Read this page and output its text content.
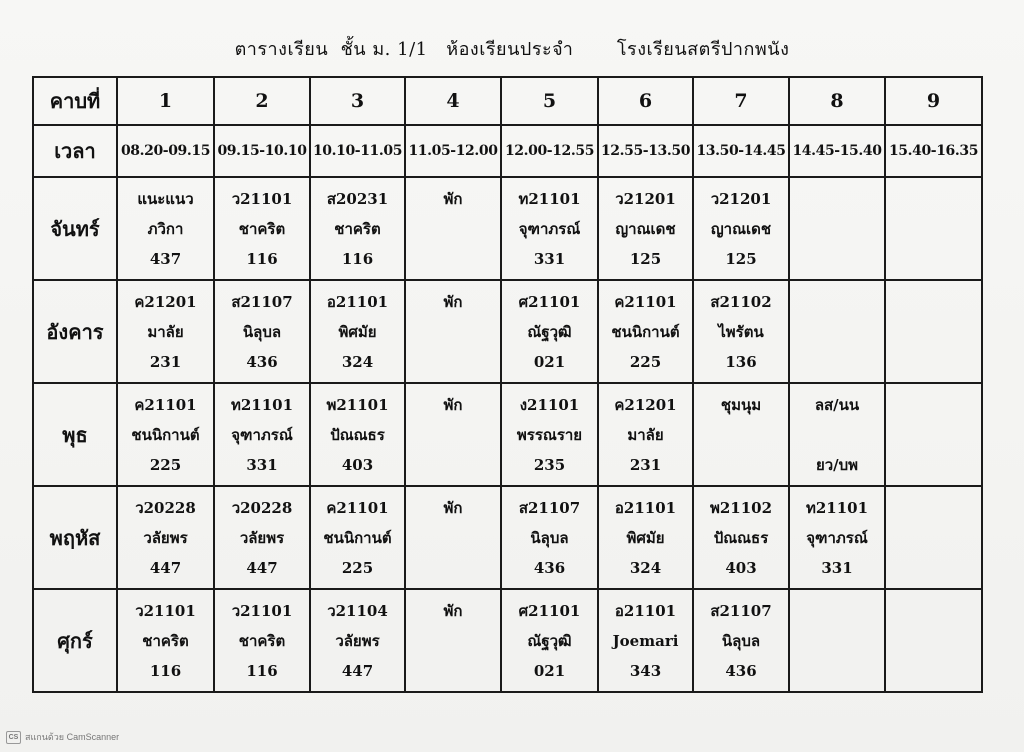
ตารางเรียน  ชั้น ม. 1/1   ห้องเรียนประจำ       โรงเรียนสตรีปากพนัง
คาบที่	1	2	3	4	5	6	7	8	9
เวลา	08.20-09.15	09.15-10.10	10.10-11.05	11.05-12.00	12.00-12.55	12.55-13.50	13.50-14.45	14.45-15.40	15.40-16.35
จันทร์	แนะแนว
ภวิกา
437	ว21101
ชาคริต
116	ส20231
ชาคริต
116	พัก	ท21101
จุฑาภรณ์
331	ว21201
ญาณเดช
125	ว21201
ญาณเดช
125		

อังคาร	ค21201
มาลัย
231	ส21107
นิลุบล
436	อ21101
พิศมัย
324	พัก	ศ21101
ณัฐวุฒิ
021	ค21101
ชนนิกานต์
225	ส21102
ไพรัตน
136		

พุธ	ค21101
ชนนิกานต์
225	ท21101
จุฑาภรณ์
331	พ21101
ปัณณธร
403	พัก	ง21101
พรรณราย
235	ค21201
มาลัย
231	ชุมนุม	ลส/นน
ยว/บพ	

พฤหัส	ว20228
วลัยพร
447	ว20228
วลัยพร
447	ค21101
ชนนิกานต์
225	พัก	ส21107
นิลุบล
436	อ21101
พิศมัย
324	พ21102
ปัณณธร
403	ท21101
จุฑาภรณ์
331	

ศุกร์	ว21101
ชาคริต
116	ว21101
ชาคริต
116	ว21104
วลัยพร
447	พัก	ศ21101
ณัฐวุฒิ
021	อ21101
Joemari
343	ส21107
นิลุบล
436		

CS สแกนด้วย CamScanner
